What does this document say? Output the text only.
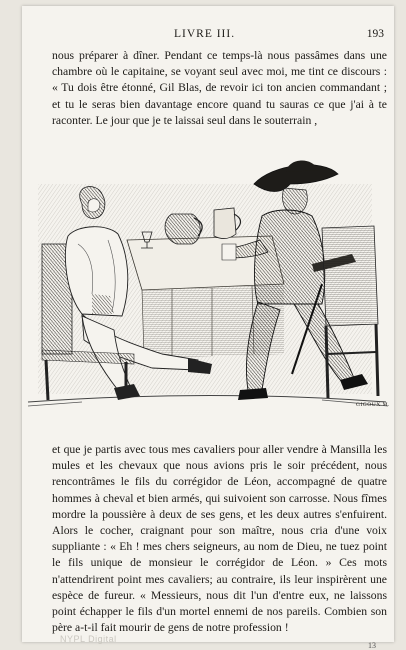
LIVRE III.	193

nous préparer à dîner. Pendant ce temps-là nous passâmes dans une chambre où le capitaine, se voyant seul avec moi, me tint ce discours : « Tu dois être étonné, Gil Blas, de revoir ici ton ancien commandant ; et tu le seras bien davantage encore quand tu sauras ce que j'ai à te raconter. Le jour que je te laissai seul dans le souterrain ,

GIGOUX M.

et que je partis avec tous mes cavaliers pour aller vendre à Mansilla les mules et les chevaux que nous avions pris le soir précédent, nous rencontrâmes le fils du corrégidor de Léon, accompagné de quatre hommes à cheval et bien armés, qui suivoient son carrosse. Nous fîmes mordre la poussière à deux de ses gens, et les deux autres s'enfuirent. Alors le cocher, craignant pour son maître, nous cria d'une voix suppliante : « Eh ! mes chers seigneurs, au nom de Dieu, ne tuez point le fils unique de monsieur le corrégidor de Léon. » Ces mots n'attendrirent point mes cavaliers; au contraire, ils leur inspirèrent une espèce de fureur. « Messieurs, nous dit l'un d'entre eux, ne laissons point échapper le fils d'un mortel ennemi de nos pareils. Combien son père a-t-il fait mourir de gens de notre profession !

NYPL Digital
13
